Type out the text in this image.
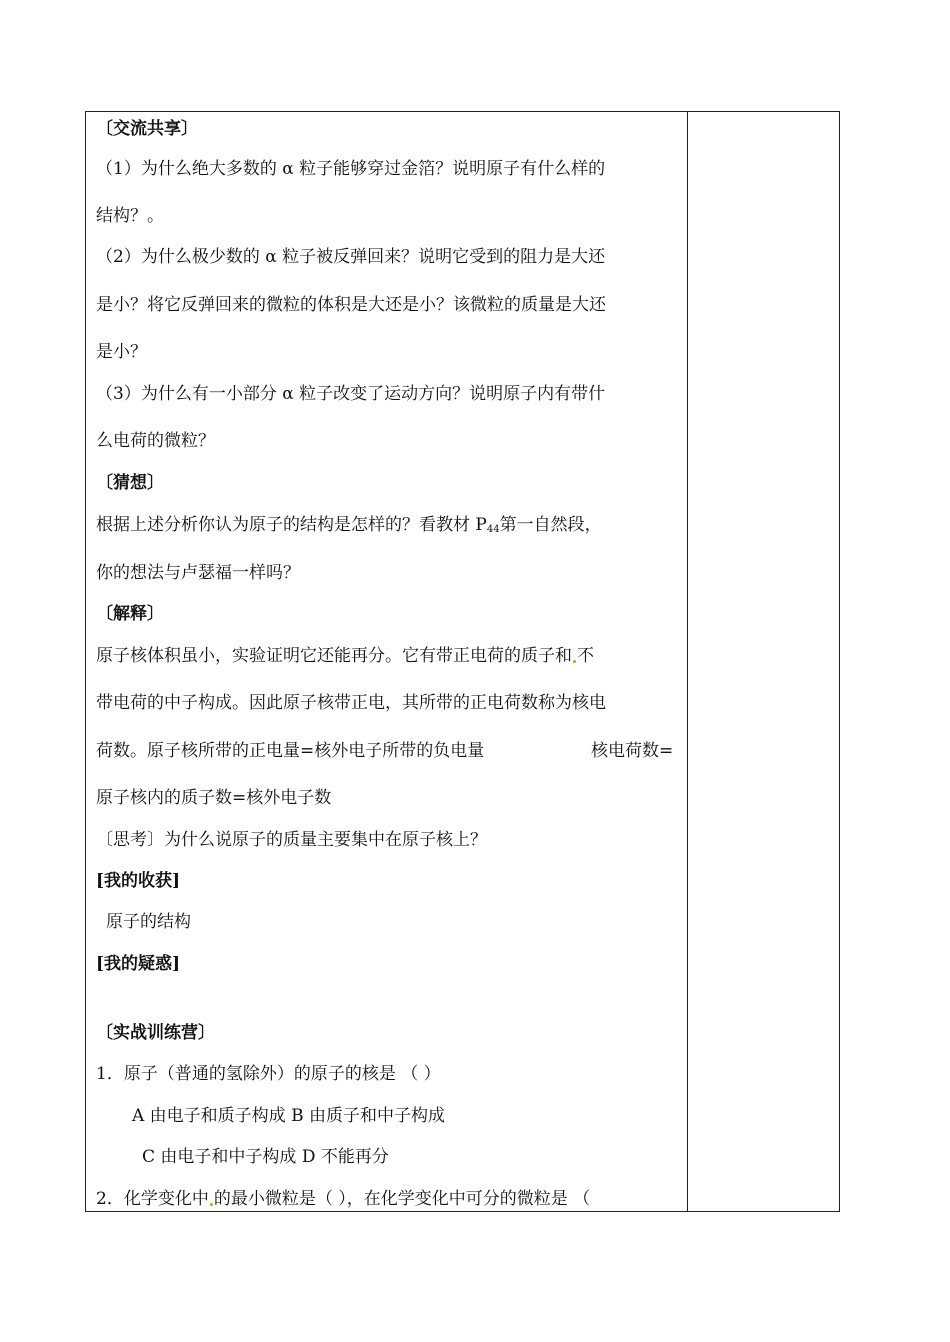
〔交流共享〕
（1）为什么绝大多数的 α 粒子能够穿过金箔？说明原子有什么样的
结构？。
（2）为什么极少数的 α 粒子被反弹回来？说明它受到的阻力是大还
是小？将它反弹回来的微粒的体积是大还是小？该微粒的质量是大还
是小？
（3）为什么有一小部分 α 粒子改变了运动方向？说明原子内有带什
么电荷的微粒？
〔猜想〕
根据上述分析你认为原子的结构是怎样的？看教材 $P_{44}$第一自然段，
你的想法与卢瑟福一样吗？
〔解释〕
原子核体积虽小，实验证明它还能再分。它有带正电荷的质子和 不
带电荷的中子构成。因此原子核带正电，其所带的正电荷数称为核电
荷数。原子核所带的正电量=核外电子所带的负电量	核电荷数=
原子核内的质子数=核外电子数
〔思考〕为什么说原子的质量主要集中在原子核上？
[我的收获]
原子的结构
[我的疑惑]
〔实战训练营〕
1．原子（普通的氢除外）的原子的核是 （ ）
A 由电子和质子构成 B 由质子和中子构成
C 由电子和中子构成 D 不能再分
2．化学变化中 的最小微粒是（ ），在化学变化中可分的微粒是 （
